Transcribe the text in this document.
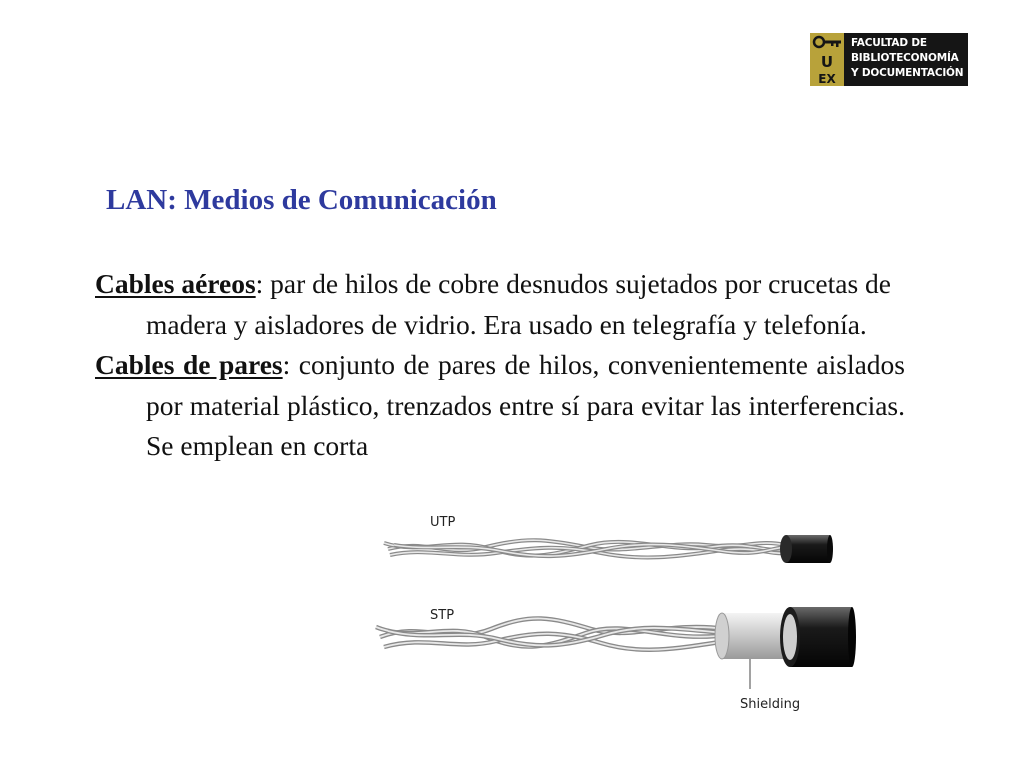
U
EX
FACULTAD DE
BIBLIOTECONOMÍA
Y DOCUMENTACIÓN
LAN: Medios de Comunicación

Cables aéreos: par de hilos de cobre desnudos sujetados por crucetas de madera y aisladores de vidrio. Era usado en telegrafía y telefonía.

Cables de pares: conjunto de pares de hilos, convenientemente aislados por material plástico, trenzados entre sí para evitar las interferencias. Se emplean en corta

UTP
STP
Shielding
